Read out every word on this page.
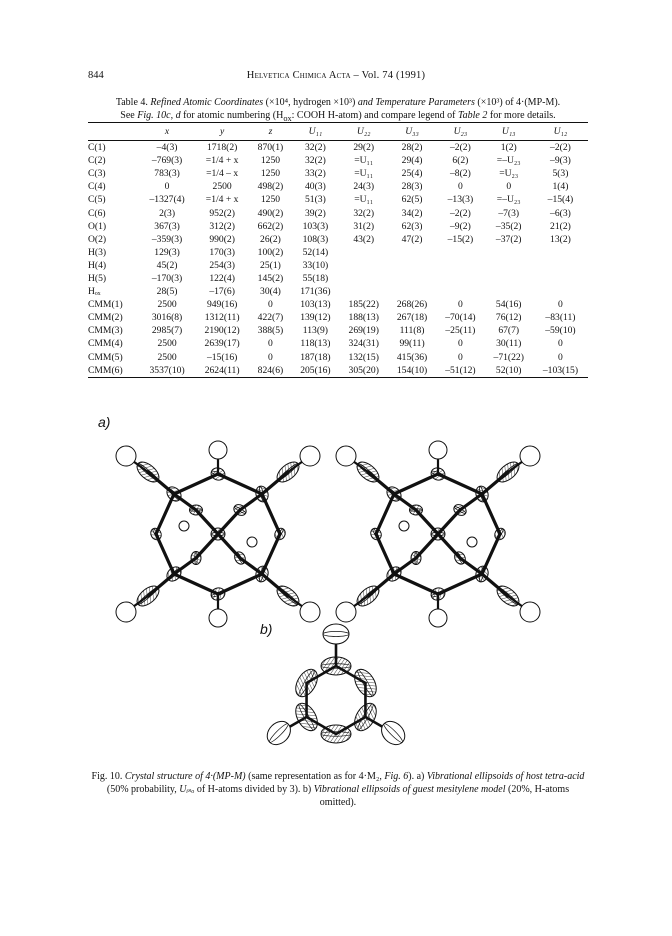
844	Helvetica Chimica Acta – Vol. 74 (1991)
Table 4. Refined Atomic Coordinates (×10⁴, hydrogen ×10³) and Temperature Parameters (×10³) of 4·(MP-M).
See Fig. 10c, d for atomic numbering ($H_{ox}$: COOH H-atom) and compare legend of Table 2 for more details.
	x	y	z	U₁₁	U₂₂	U₃₃	U₂₃	U₁₃	U₁₂
C(1)	–4(3)	1718(2)	870(1)	32(2)	29(2)	28(2)	–2(2)	1(2)	–2(2)
C(2)	–769(3)	=1/4 + x	1250	32(2)	=U₁₁	29(4)	6(2)	=–U₂₃	–9(3)
C(3)	783(3)	=1/4 – x	1250	33(2)	=U₁₁	25(4)	–8(2)	=U₂₃	5(3)
C(4)	0	2500	498(2)	40(3)	24(3)	28(3)	0	0	1(4)
C(5)	–1327(4)	=1/4 + x	1250	51(3)	=U₁₁	62(5)	–13(3)	=–U₂₃	–15(4)
C(6)	2(3)	952(2)	490(2)	39(2)	32(2)	34(2)	–2(2)	–7(3)	–6(3)
O(1)	367(3)	312(2)	662(2)	103(3)	31(2)	62(3)	–9(2)	–35(2)	21(2)
O(2)	–359(3)	990(2)	26(2)	108(3)	43(2)	47(2)	–15(2)	–37(2)	13(2)
H(3)	129(3)	170(3)	100(2)	52(14)					
H(4)	45(2)	254(3)	25(1)	33(10)					
H(5)	–170(3)	122(4)	145(2)	55(18)					
Hₒₓ	28(5)	–17(6)	30(4)	171(36)					
CMM(1)	2500	949(16)	0	103(13)	185(22)	268(26)	0	54(16)	0
CMM(2)	3016(8)	1312(11)	422(7)	139(12)	188(13)	267(18)	–70(14)	76(12)	–83(11)
CMM(3)	2985(7)	2190(12)	388(5)	113(9)	269(19)	111(8)	–25(11)	67(7)	–59(10)
CMM(4)	2500	2639(17)	0	118(13)	324(31)	99(11)	0	30(11)	0
CMM(5)	2500	–15(16)	0	187(18)	132(15)	415(36)	0	–71(22)	0
CMM(6)	3537(10)	2624(11)	824(6)	205(16)	305(20)	154(10)	–51(12)	52(10)	–103(15)
a)
b)
Fig. 10. Crystal structure of 4·(MP-M) (same representation as for 4·M₂, Fig. 6). a) Vibrational ellipsoids of host tetra-acid (50% probability, Uᵢₛₒ of H-atoms divided by 3). b) Vibrational ellipsoids of guest mesitylene model (20%, H-atoms omitted).
